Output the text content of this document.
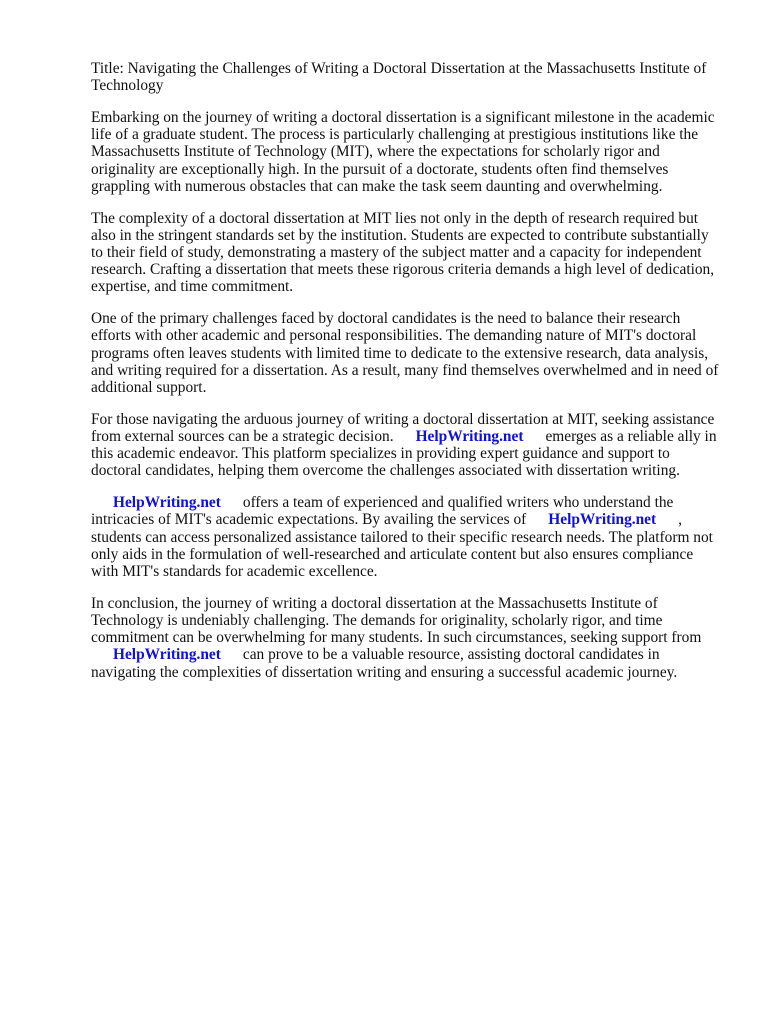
Title: Navigating the Challenges of Writing a Doctoral Dissertation at the Massachusetts Institute of Technology

Embarking on the journey of writing a doctoral dissertation is a significant milestone in the academic life of a graduate student. The process is particularly challenging at prestigious institutions like the Massachusetts Institute of Technology (MIT), where the expectations for scholarly rigor and originality are exceptionally high. In the pursuit of a doctorate, students often find themselves grappling with numerous obstacles that can make the task seem daunting and overwhelming.

The complexity of a doctoral dissertation at MIT lies not only in the depth of research required but also in the stringent standards set by the institution. Students are expected to contribute substantially to their field of study, demonstrating a mastery of the subject matter and a capacity for independent research. Crafting a dissertation that meets these rigorous criteria demands a high level of dedication, expertise, and time commitment.

One of the primary challenges faced by doctoral candidates is the need to balance their research efforts with other academic and personal responsibilities. The demanding nature of MIT's doctoral programs often leaves students with limited time to dedicate to the extensive research, data analysis, and writing required for a dissertation. As a result, many find themselves overwhelmed and in need of additional support.

For those navigating the arduous journey of writing a doctoral dissertation at MIT, seeking assistance from external sources can be a strategic decision. HelpWriting.net emerges as a reliable ally in this academic endeavor. This platform specializes in providing expert guidance and support to doctoral candidates, helping them overcome the challenges associated with dissertation writing.

HelpWriting.net offers a team of experienced and qualified writers who understand the intricacies of MIT's academic expectations. By availing the services of HelpWriting.net , students can access personalized assistance tailored to their specific research needs. The platform not only aids in the formulation of well-researched and articulate content but also ensures compliance with MIT's standards for academic excellence.

In conclusion, the journey of writing a doctoral dissertation at the Massachusetts Institute of Technology is undeniably challenging. The demands for originality, scholarly rigor, and time commitment can be overwhelming for many students. In such circumstances, seeking support from
HelpWriting.net can prove to be a valuable resource, assisting doctoral candidates in navigating the complexities of dissertation writing and ensuring a successful academic journey.
